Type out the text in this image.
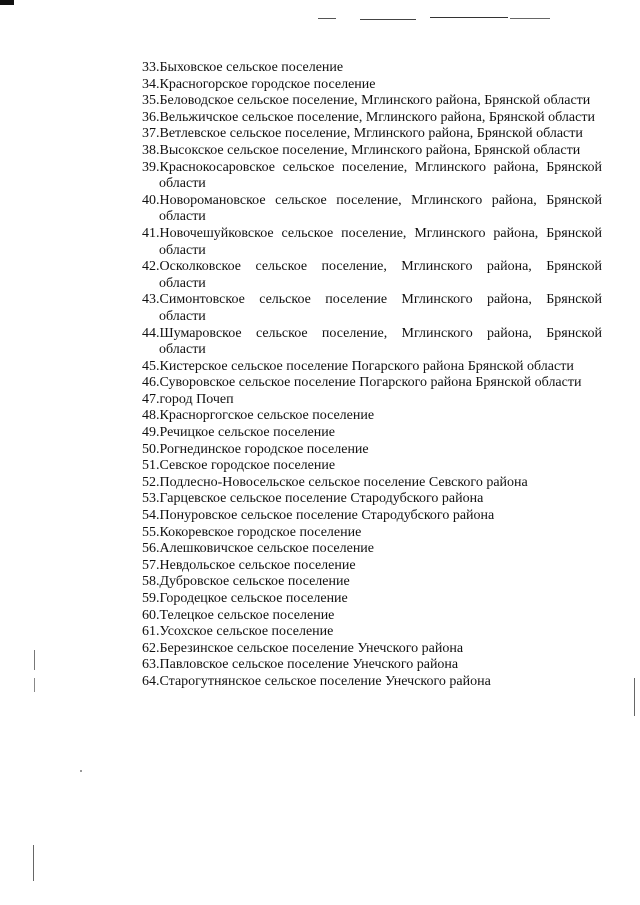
33.Быховское сельское поселение
34.Красногорское городское поселение
35.Беловодское сельское поселение, Мглинского района, Брянской области
36.Вельжичское сельское поселение, Мглинского района, Брянской области
37.Ветлевское сельское поселение, Мглинского района, Брянской области
38.Высокское сельское поселение, Мглинского района, Брянской области
39.Краснокосаровское сельское поселение, Мглинского района, Брянской
области
40.Новоромановское сельское поселение, Мглинского района, Брянской
области
41.Новочешуйковское сельское поселение, Мглинского района, Брянской
области
42.Осколковское сельское поселение, Мглинского района, Брянской
области
43.Симонтовское сельское поселение Мглинского района, Брянской
области
44.Шумаровское сельское поселение, Мглинского района, Брянской
области
45.Кистерское сельское поселение Погарского района Брянской области
46.Суворовское сельское поселение Погарского района Брянской области
47.город Почеп
48.Красноргогское сельское поселение
49.Речицкое сельское поселение
50.Рогнединское городское поселение
51.Севское городское поселение
52.Подлесно-Новосельское сельское поселение Севского района
53.Гарцевское сельское поселение Стародубского района
54.Понуровское сельское поселение Стародубского района
55.Кокоревское городское поселение
56.Алешковичское сельское поселение
57.Невдольское сельское поселение
58.Дубровское сельское поселение
59.Городецкое сельское поселение
60.Телецкое сельское поселение
61.Усохское сельское поселение
62.Березинское сельское поселение Унечского района
63.Павловское сельское поселение Унечского района
64.Старогутнянское сельское поселение Унечского района
